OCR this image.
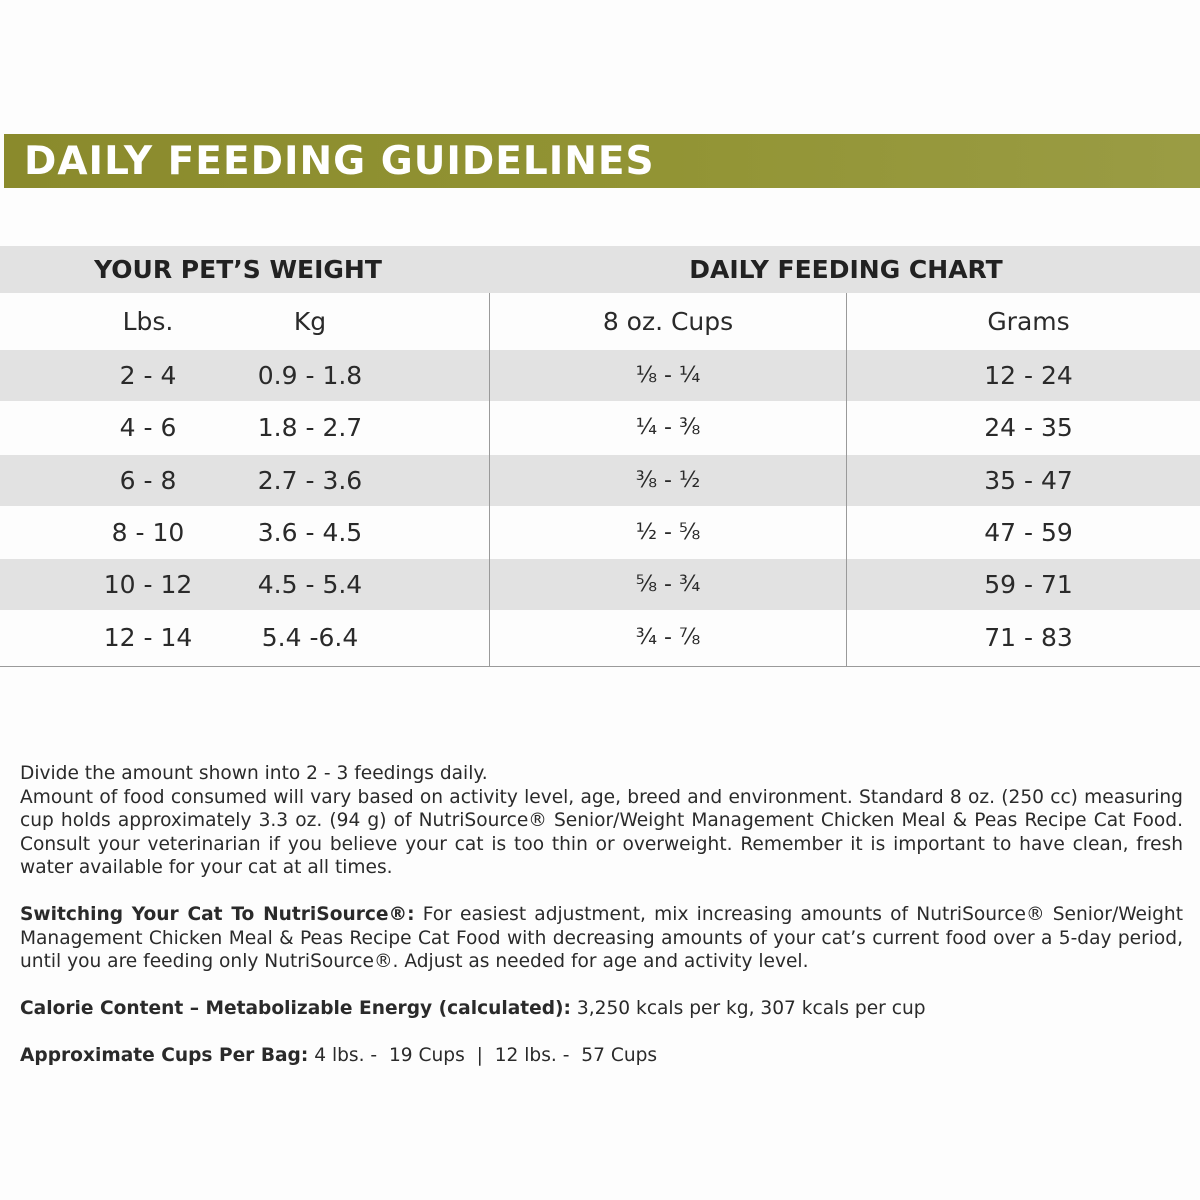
DAILY FEEDING GUIDELINES
YOUR PET’S WEIGHT	DAILY FEEDING CHART
Lbs.	Kg	8 oz. Cups	Grams
2 - 4	0.9 - 1.8	⅛ - ¼	12 - 24
4 - 6	1.8 - 2.7	¼ - ⅜	24 - 35
6 - 8	2.7 - 3.6	⅜ - ½	35 - 47
8 - 10	3.6 - 4.5	½ - ⅝	47 - 59
10 - 12	4.5 - 5.4	⅝ - ¾	59 - 71
12 - 14	5.4 -6.4	¾ - ⅞	71 - 83

Divide the amount shown into 2 - 3 feedings daily.

Amount of food consumed will vary based on activity level, age, breed and environment. Standard 8 oz. (250 cc) measuring cup holds approximately 3.3 oz. (94 g) of NutriSource® Senior/Weight Management Chicken Meal & Peas Recipe Cat Food. Consult your veterinarian if you believe your cat is too thin or overweight. Remember it is important to have clean, fresh water available for your cat at all times.

Switching Your Cat To NutriSource®: For easiest adjustment, mix increasing amounts of NutriSource® Senior/Weight Management Chicken Meal & Peas Recipe Cat Food with decreasing amounts of your cat’s current food over a 5-day period, until you are feeding only NutriSource®. Adjust as needed for age and activity level.

Calorie Content – Metabolizable Energy (calculated): 3,250 kcals per kg, 307 kcals per cup

Approximate Cups Per Bag: 4 lbs. -  19 Cups  |  12 lbs. -  57 Cups
